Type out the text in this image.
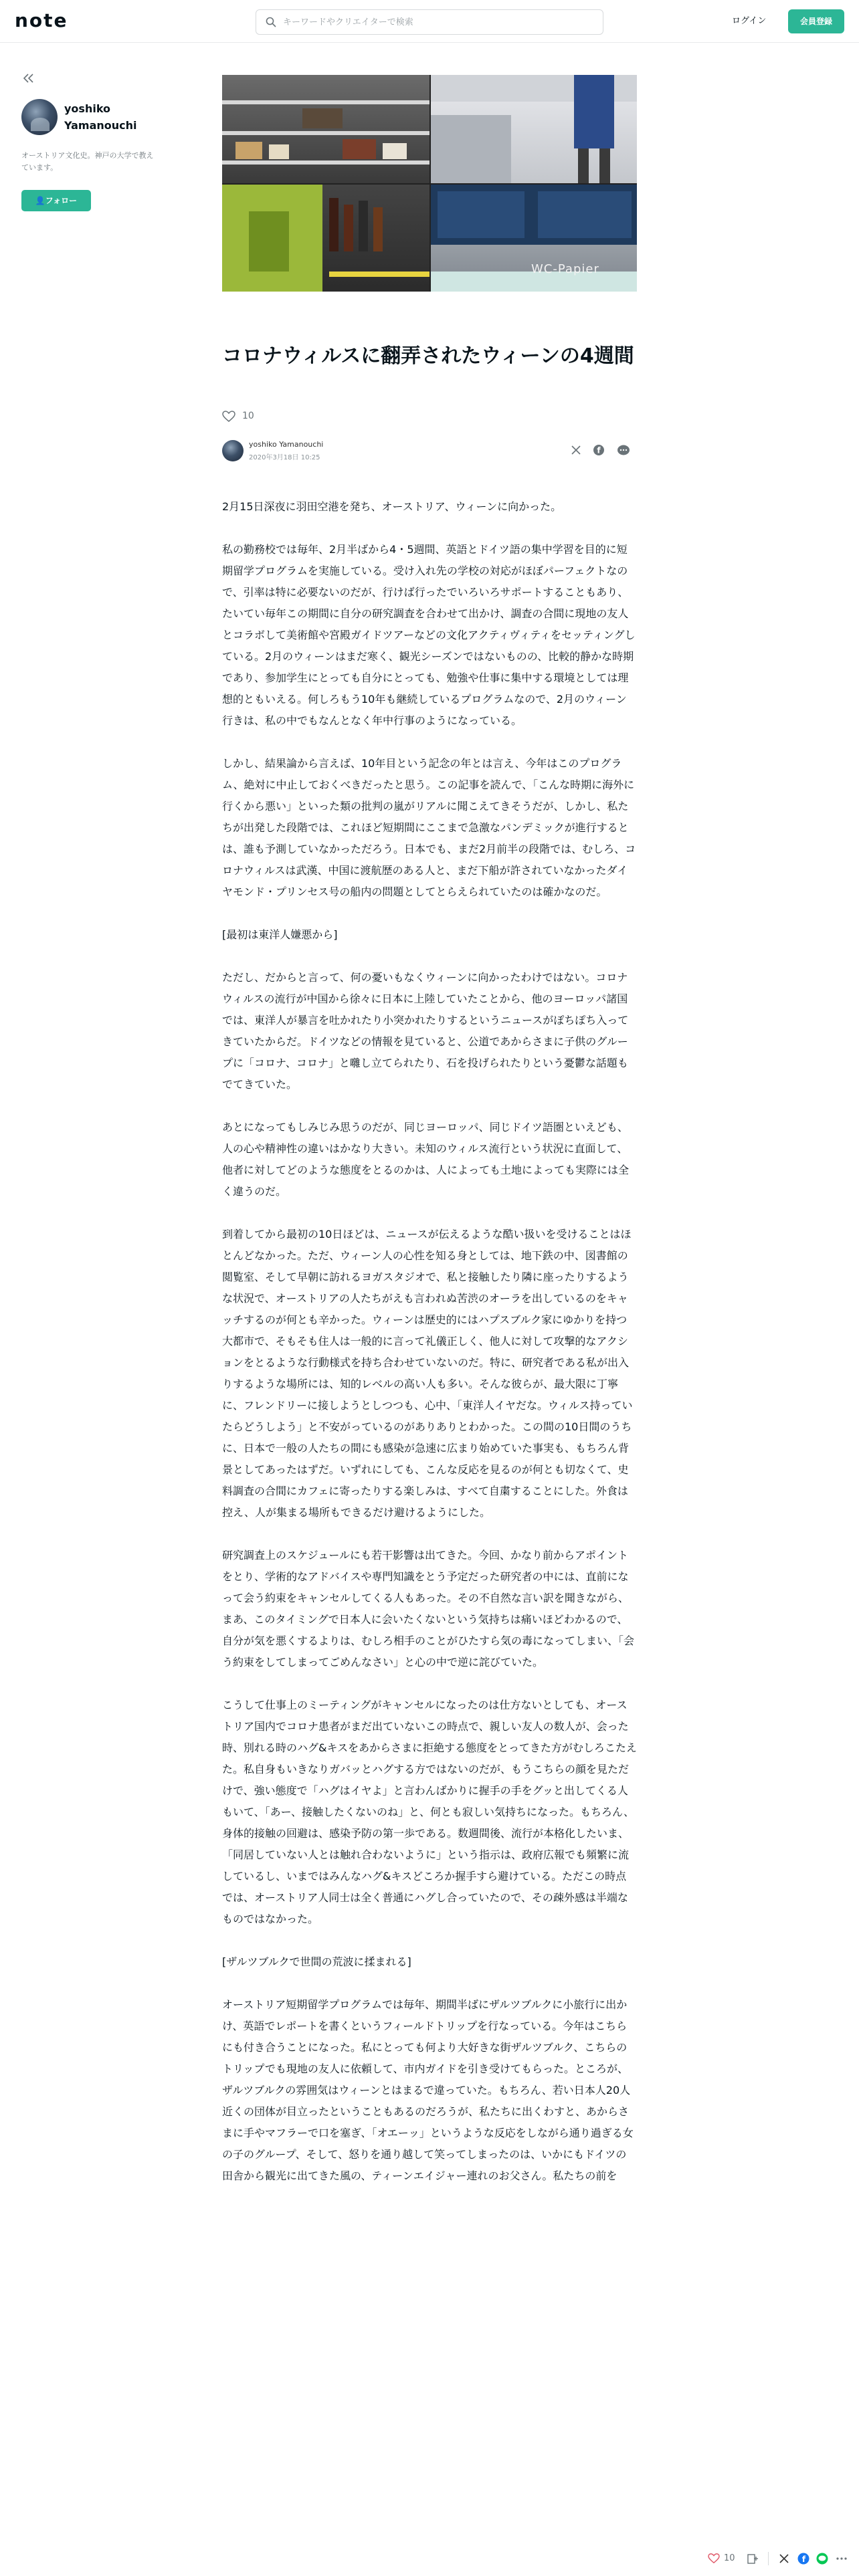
note
キーワードやクリエイターで検索	ログイン	会員登録
yoshiko Yamanouchi
オーストリア文化史。神戸の大学で教えています。
👤フォロー
WC-Papier
コロナウィルスに翻弄されたウィーンの4週間
10
yoshiko Yamanouchi
2020年3月18日 10:25
f

2月15日深夜に羽田空港を発ち、オーストリア、ウィーンに向かった。

私の勤務校では毎年、2月半ばから4・5週間、英語とドイツ語の集中学習を目的に短期留学プログラムを実施している。受け入れ先の学校の対応がほぼパーフェクトなので、引率は特に必要ないのだが、行けば行ったでいろいろサポートすることもあり、たいてい毎年この期間に自分の研究調査を合わせて出かけ、調査の合間に現地の友人とコラボして美術館や宮殿ガイドツアーなどの文化アクティヴィティをセッティングしている。2月のウィーンはまだ寒く、観光シーズンではないものの、比較的静かな時期であり、参加学生にとっても自分にとっても、勉強や仕事に集中する環境としては理想的ともいえる。何しろもう10年も継続しているプログラムなので、2月のウィーン行きは、私の中でもなんとなく年中行事のようになっている。

しかし、結果論から言えば、10年目という記念の年とは言え、今年はこのプログラム、絶対に中止しておくべきだったと思う。この記事を読んで、「こんな時期に海外に行くから悪い」といった類の批判の嵐がリアルに聞こえてきそうだが、しかし、私たちが出発した段階では、これほど短期間にここまで急激なパンデミックが進行するとは、誰も予測していなかっただろう。日本でも、まだ2月前半の段階では、むしろ、コロナウィルスは武漢、中国に渡航歴のある人と、まだ下船が許されていなかったダイヤモンド・プリンセス号の船内の問題としてとらえられていたのは確かなのだ。

[最初は東洋人嫌悪から]

ただし、だからと言って、何の憂いもなくウィーンに向かったわけではない。コロナウィルスの流行が中国から徐々に日本に上陸していたことから、他のヨーロッパ諸国では、東洋人が暴言を吐かれたり小突かれたりするというニュースがぽちぽち入ってきていたからだ。ドイツなどの情報を見ていると、公道であからさまに子供のグループに「コロナ、コロナ」と囃し立てられたり、石を投げられたりという憂鬱な話題もでてきていた。

あとになってもしみじみ思うのだが、同じヨーロッパ、同じドイツ語圏といえども、人の心や精神性の違いはかなり大きい。未知のウィルス流行という状況に直面して、他者に対してどのような態度をとるのかは、人によっても土地によっても実際には全く違うのだ。

到着してから最初の10日ほどは、ニュースが伝えるような酷い扱いを受けることはほとんどなかった。ただ、ウィーン人の心性を知る身としては、地下鉄の中、図書館の閲覧室、そして早朝に訪れるヨガスタジオで、私と接触したり隣に座ったりするような状況で、オーストリアの人たちがえも言われぬ苦渋のオーラを出しているのをキャッチするのが何とも辛かった。ウィーンは歴史的にはハプスブルク家にゆかりを持つ大都市で、そもそも住人は一般的に言って礼儀正しく、他人に対して攻撃的なアクションをとるような行動様式を持ち合わせていないのだ。特に、研究者である私が出入りするような場所には、知的レベルの高い人も多い。そんな彼らが、最大限に丁寧に、フレンドリーに接しようとしつつも、心中、「東洋人イヤだな。ウィルス持っていたらどうしよう」と不安がっているのがありありとわかった。この間の10日間のうちに、日本で一般の人たちの間にも感染が急速に広まり始めていた事実も、もちろん背景としてあったはずだ。いずれにしても、こんな反応を見るのが何とも切なくて、史料調査の合間にカフェに寄ったりする楽しみは、すべて自粛することにした。外食は控え、人が集まる場所もできるだけ避けるようにした。

研究調査上のスケジュールにも若干影響は出てきた。今回、かなり前からアポイントをとり、学術的なアドバイスや専門知識をとう予定だった研究者の中には、直前になって会う約束をキャンセルしてくる人もあった。その不自然な言い訳を聞きながら、まあ、このタイミングで日本人に会いたくないという気持ちは痛いほどわかるので、自分が気を悪くするよりは、むしろ相手のことがひたすら気の毒になってしまい、「会う約束をしてしまってごめんなさい」と心の中で逆に詫びていた。

こうして仕事上のミーティングがキャンセルになったのは仕方ないとしても、オーストリア国内でコロナ患者がまだ出ていないこの時点で、親しい友人の数人が、会った時、別れる時のハグ&キスをあからさまに拒絶する態度をとってきた方がむしろこたえた。私自身もいきなりガバッとハグする方ではないのだが、もうこちらの顔を見ただけで、強い態度で「ハグはイヤよ」と言わんばかりに握手の手をグッと出してくる人もいて、「あー、接触したくないのね」と、何とも寂しい気持ちになった。もちろん、身体的接触の回避は、感染予防の第一歩である。数週間後、流行が本格化したいま、「同居していない人とは触れ合わないように」という指示は、政府広報でも頻繁に流しているし、いまではみんなハグ&キスどころか握手すら避けている。ただこの時点では、オーストリア人同士は全く普通にハグし合っていたので、その疎外感は半端なものではなかった。

[ザルツブルクで世間の荒波に揉まれる]

オーストリア短期留学プログラムでは毎年、期間半ばにザルツブルクに小旅行に出かけ、英語でレポートを書くというフィールドトリップを行なっている。今年はこちらにも付き合うことになった。私にとっても何より大好きな街ザルツブルク、こちらのトリップでも現地の友人に依頼して、市内ガイドを引き受けてもらった。ところが、ザルツブルクの雰囲気はウィーンとはまるで違っていた。もちろん、若い日本人20人近くの団体が目立ったということもあるのだろうが、私たちに出くわすと、あからさまに手やマフラーで口を塞ぎ、「オエーッ」というような反応をしながら通り過ぎる女の子のグループ、そして、怒りを通り越して笑ってしまったのは、いかにもドイツの田舎から観光に出てきた風の、ティーンエイジャー連れのお父さん。私たちの前を

10	f
